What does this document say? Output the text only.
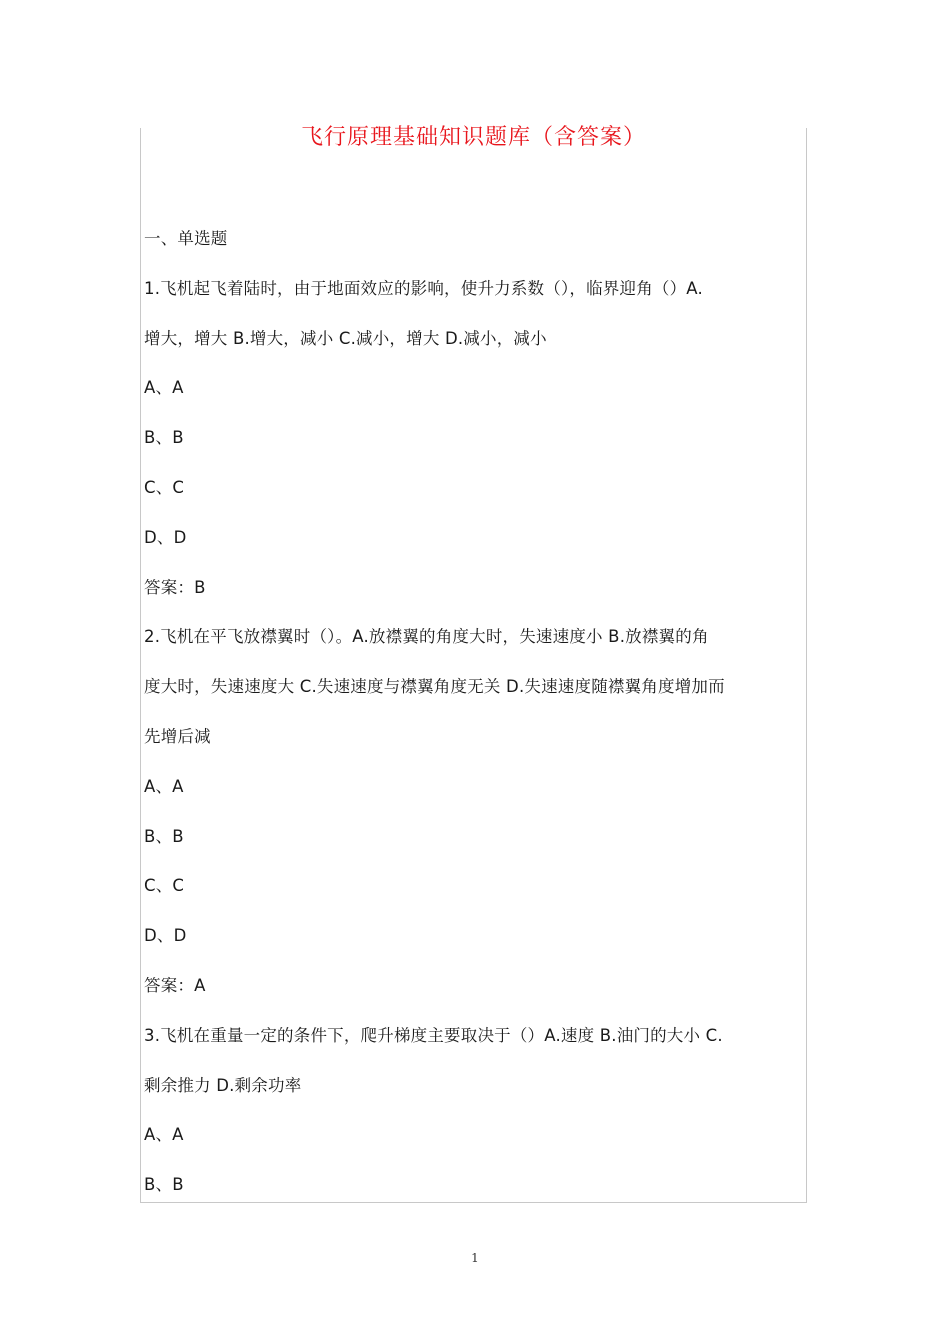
飞行原理基础知识题库（含答案）
一、单选题
1.飞机起飞着陆时，由于地面效应的影响，使升力系数（），临界迎角（）A.
增大，增大 B.增大，减小 C.减小，增大 D.减小，减小
A、A
B、B
C、C
D、D
答案：B
2.飞机在平飞放襟翼时（）。A.放襟翼的角度大时，失速速度小 B.放襟翼的角
度大时，失速速度大 C.失速速度与襟翼角度无关 D.失速速度随襟翼角度增加而
先增后减
A、A
B、B
C、C
D、D
答案：A
3.飞机在重量一定的条件下，爬升梯度主要取决于（）A.速度 B.油门的大小 C.
剩余推力 D.剩余功率
A、A
B、B
1
